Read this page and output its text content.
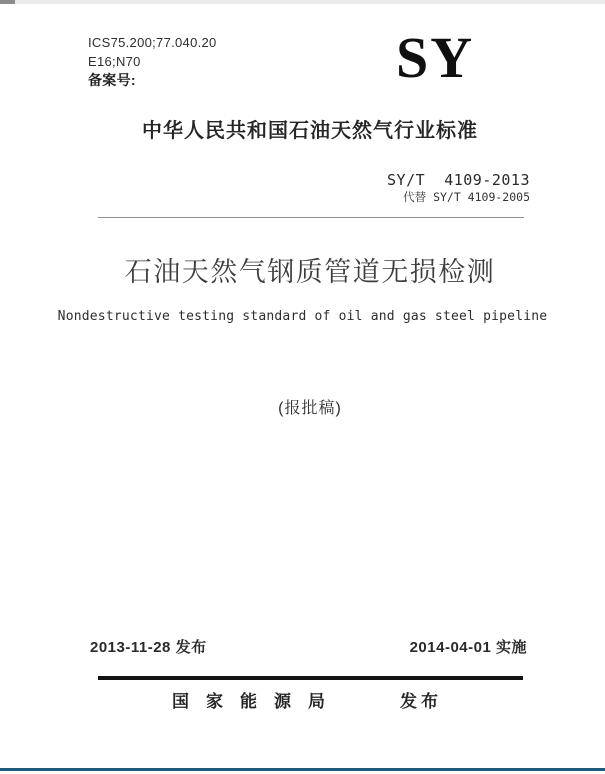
ICS75.200;77.040.20
E16;N70
备案号:	SY
中华人民共和国石油天然气行业标准
SY/T  4109-2013
代替 SY/T 4109-2005
石油天然气钢质管道无损检测
Nondestructive testing standard of oil and gas steel pipeline
(报批稿)
2013-11-28 发布	2014-04-01 实施
国家能源局	发布
